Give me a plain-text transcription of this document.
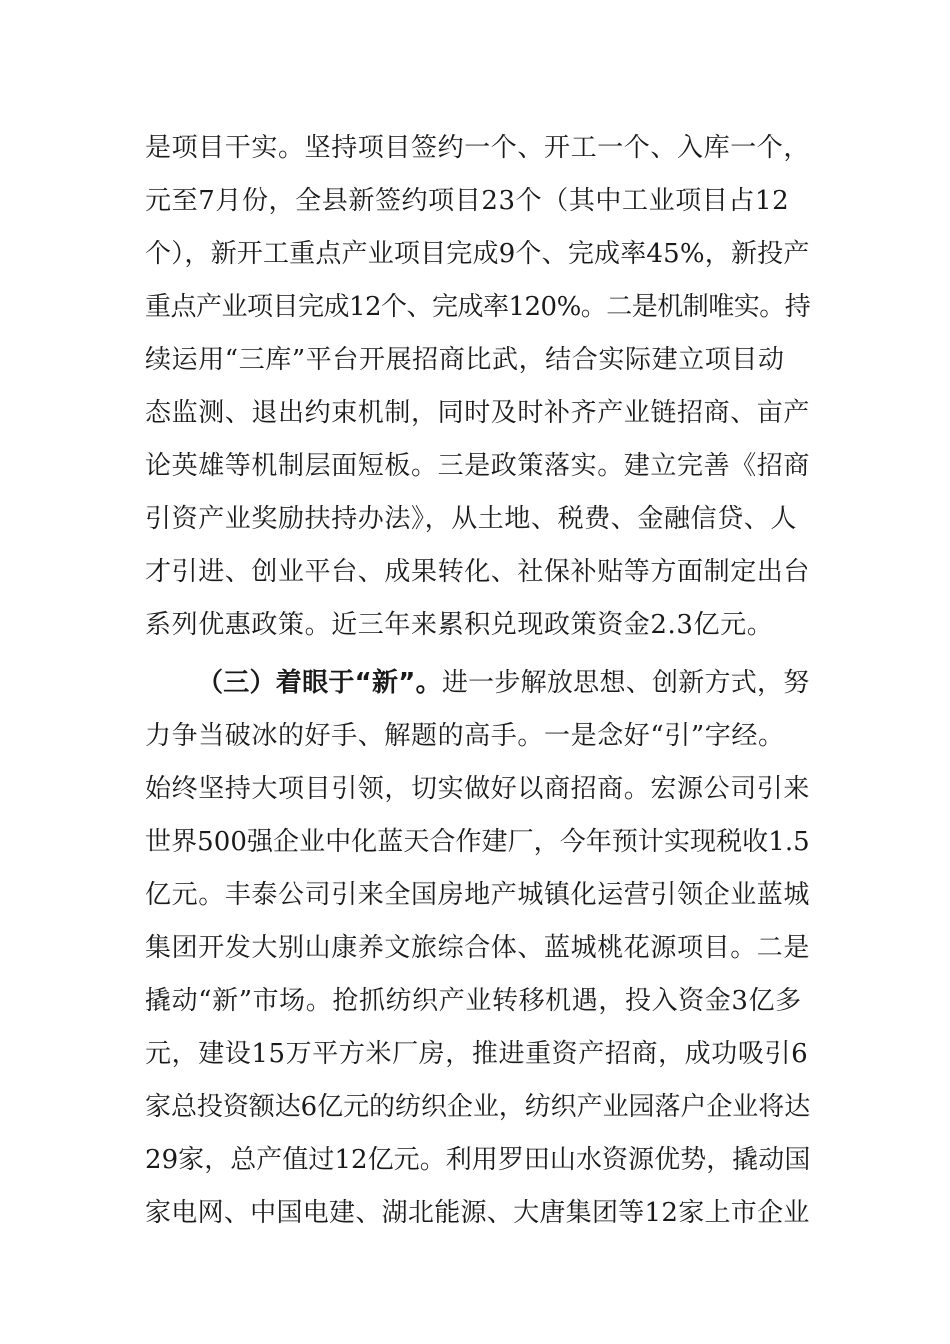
是项目干实。坚持项目签约一个、开工一个、入库一个，
元至7月份，全县新签约项目23个（其中工业项目占12
个），新开工重点产业项目完成9个、完成率45%，新投产
重点产业项目完成12个、完成率120%。二是机制唯实。持
续运用“三库”平台开展招商比武，结合实际建立项目动
态监测、退出约束机制，同时及时补齐产业链招商、亩产
论英雄等机制层面短板。三是政策落实。建立完善《招商
引资产业奖励扶持办法》，从土地、税费、金融信贷、人
才引进、创业平台、成果转化、社保补贴等方面制定出台
系列优惠政策。近三年来累积兑现政策资金2.3亿元。
（三）着眼于“新”。进一步解放思想、创新方式，努
力争当破冰的好手、解题的高手。一是念好“引”字经。
始终坚持大项目引领，切实做好以商招商。宏源公司引来
世界500强企业中化蓝天合作建厂，今年预计实现税收1.5
亿元。丰泰公司引来全国房地产城镇化运营引领企业蓝城
集团开发大别山康养文旅综合体、蓝城桃花源项目。二是
撬动“新”市场。抢抓纺织产业转移机遇，投入资金3亿多
元，建设15万平方米厂房，推进重资产招商，成功吸引6
家总投资额达6亿元的纺织企业，纺织产业园落户企业将达
29家，总产值过12亿元。利用罗田山水资源优势，撬动国
家电网、中国电建、湖北能源、大唐集团等12家上市企业
